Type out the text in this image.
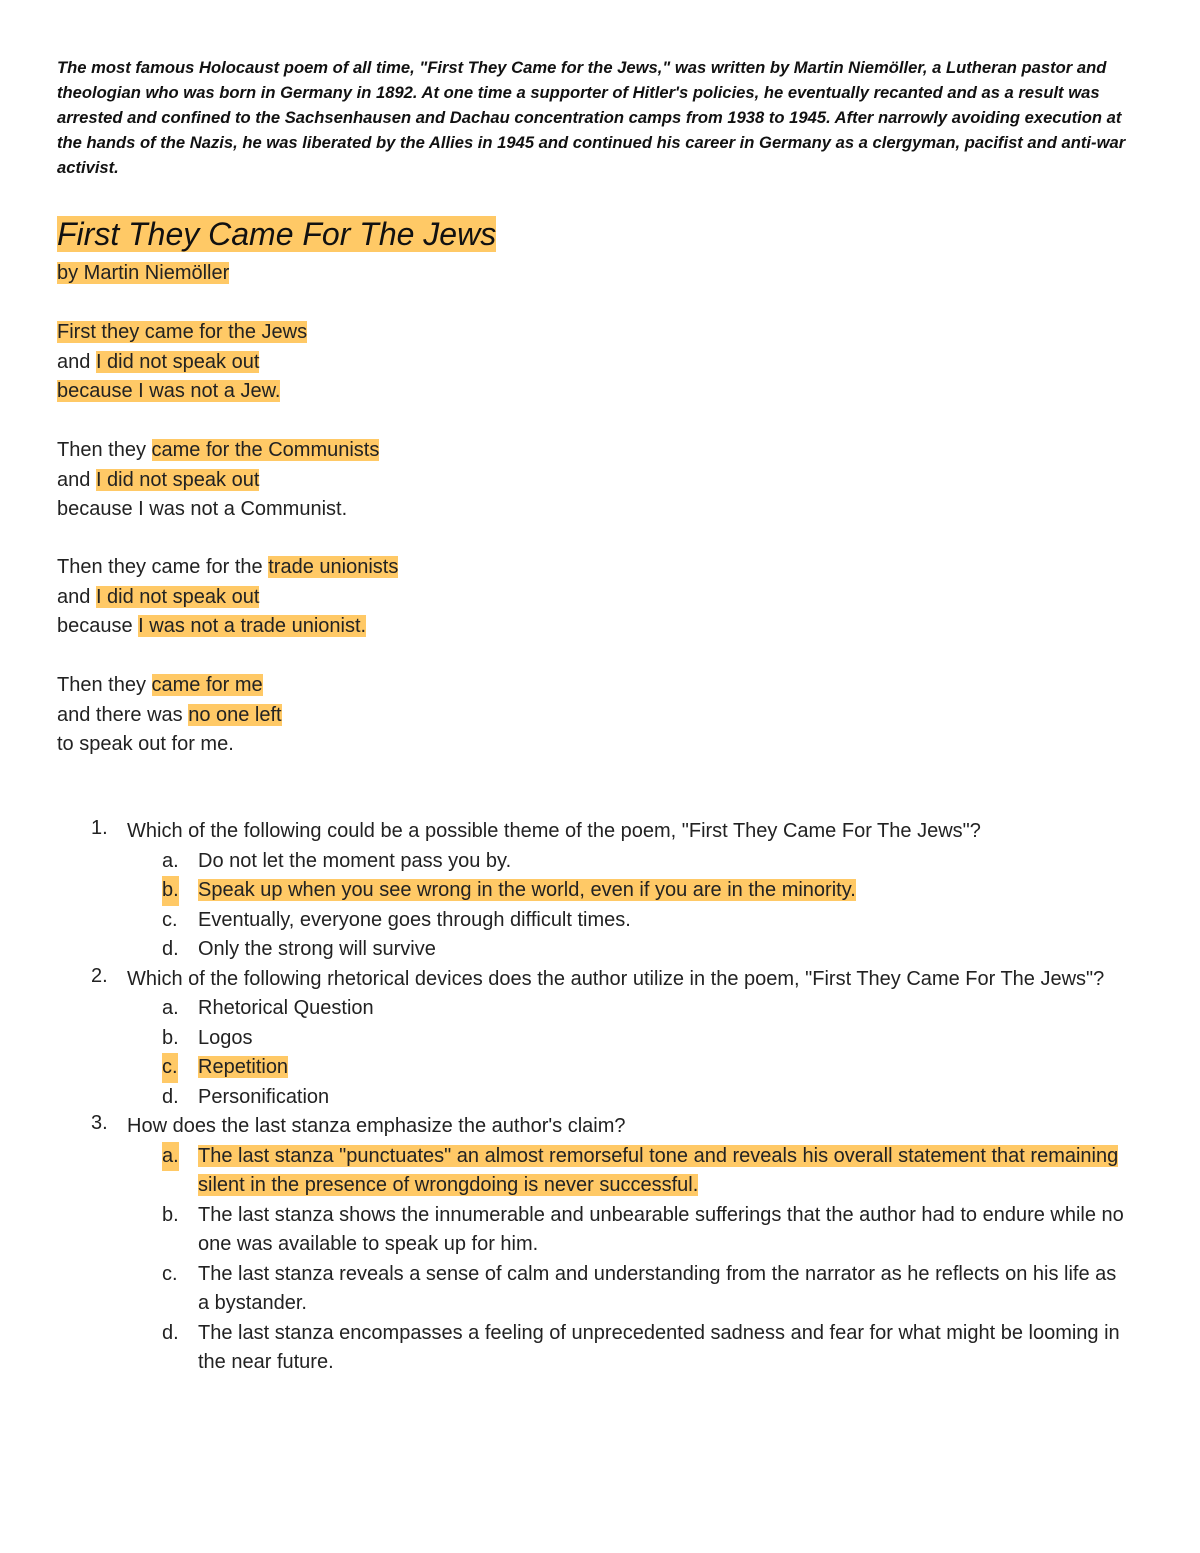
The most famous Holocaust poem of all time, "First They Came for the Jews," was written by Martin Niemöller, a Lutheran pastor and theologian who was born in Germany in 1892. At one time a supporter of Hitler's policies, he eventually recanted and as a result was arrested and confined to the Sachsenhausen and Dachau concentration camps from 1938 to 1945. After narrowly avoiding execution at the hands of the Nazis, he was liberated by the Allies in 1945 and continued his career in Germany as a clergyman, pacifist and anti-war activist.
First They Came For The Jews
by Martin Niemöller
First they came for the Jews
and I did not speak out
because I was not a Jew.
Then they came for the Communists
and I did not speak out
because I was not a Communist.
Then they came for the trade unionists
and I did not speak out
because I was not a trade unionist.
Then they came for me
and there was no one left
to speak out for me.
1. Which of the following could be a possible theme of the poem, "First They Came For The Jews"?
a. Do not let the moment pass you by.
b. Speak up when you see wrong in the world, even if you are in the minority.
c. Eventually, everyone goes through difficult times.
d. Only the strong will survive
2. Which of the following rhetorical devices does the author utilize in the poem, "First They Came For The Jews"?
a. Rhetorical Question
b. Logos
c. Repetition
d. Personification
3. How does the last stanza emphasize the author's claim?
a. The last stanza "punctuates" an almost remorseful tone and reveals his overall statement that remaining silent in the presence of wrongdoing is never successful.
b. The last stanza shows the innumerable and unbearable sufferings that the author had to endure while no one was available to speak up for him.
c. The last stanza reveals a sense of calm and understanding from the narrator as he reflects on his life as a bystander.
d. The last stanza encompasses a feeling of unprecedented sadness and fear for what might be looming in the near future.
